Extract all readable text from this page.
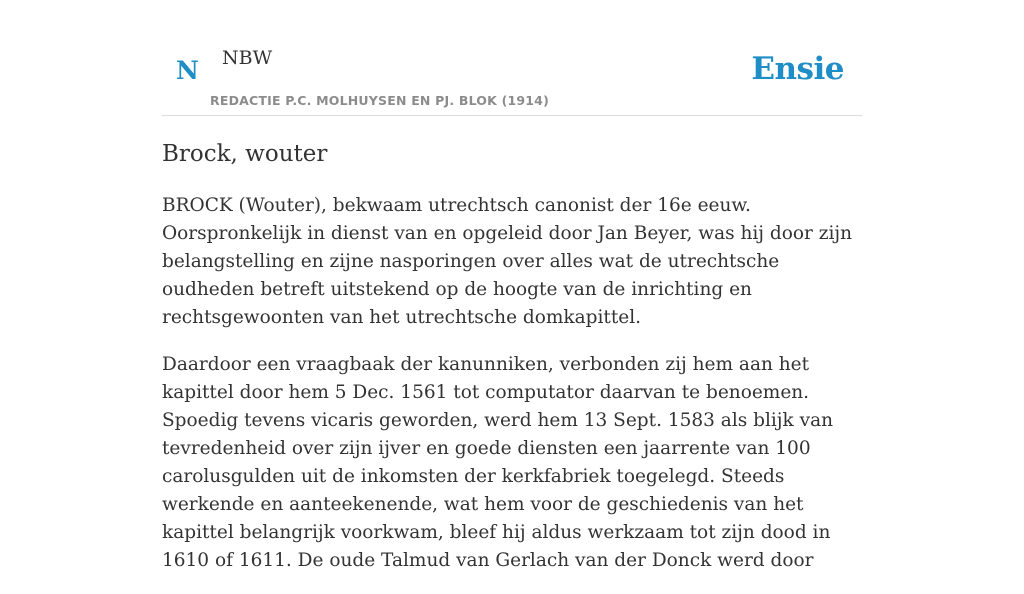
N NBW
REDACTIE P.C. MOLHUYSEN EN PJ. BLOK (1914)
Ensie
Brock, wouter

BROCK (Wouter), bekwaam utrechtsch canonist der 16e eeuw. Oorspronkelijk in dienst van en opgeleid door Jan Beyer, was hij door zijn belangstelling en zijne nasporingen over alles wat de utrechtsche oudheden betreft uitstekend op de hoogte van de inrichting en rechtsgewoonten van het utrechtsche domkapittel.

Daardoor een vraagbaak der kanunniken, verbonden zij hem aan het kapittel door hem 5 Dec. 1561 tot computator daarvan te benoemen. Spoedig tevens vicaris geworden, werd hem 13 Sept. 1583 als blijk van tevredenheid over zijn ijver en goede diensten een jaarrente van 100 carolusgulden uit de inkomsten der kerkfabriek toegelegd. Steeds werkende en aanteekenende, wat hem voor de geschiedenis van het kapittel belangrijk voorkwam, bleef hij aldus werkzaam tot zijn dood in 1610 of 1611. De oude Talmud van Gerlach van der Donck werd door
